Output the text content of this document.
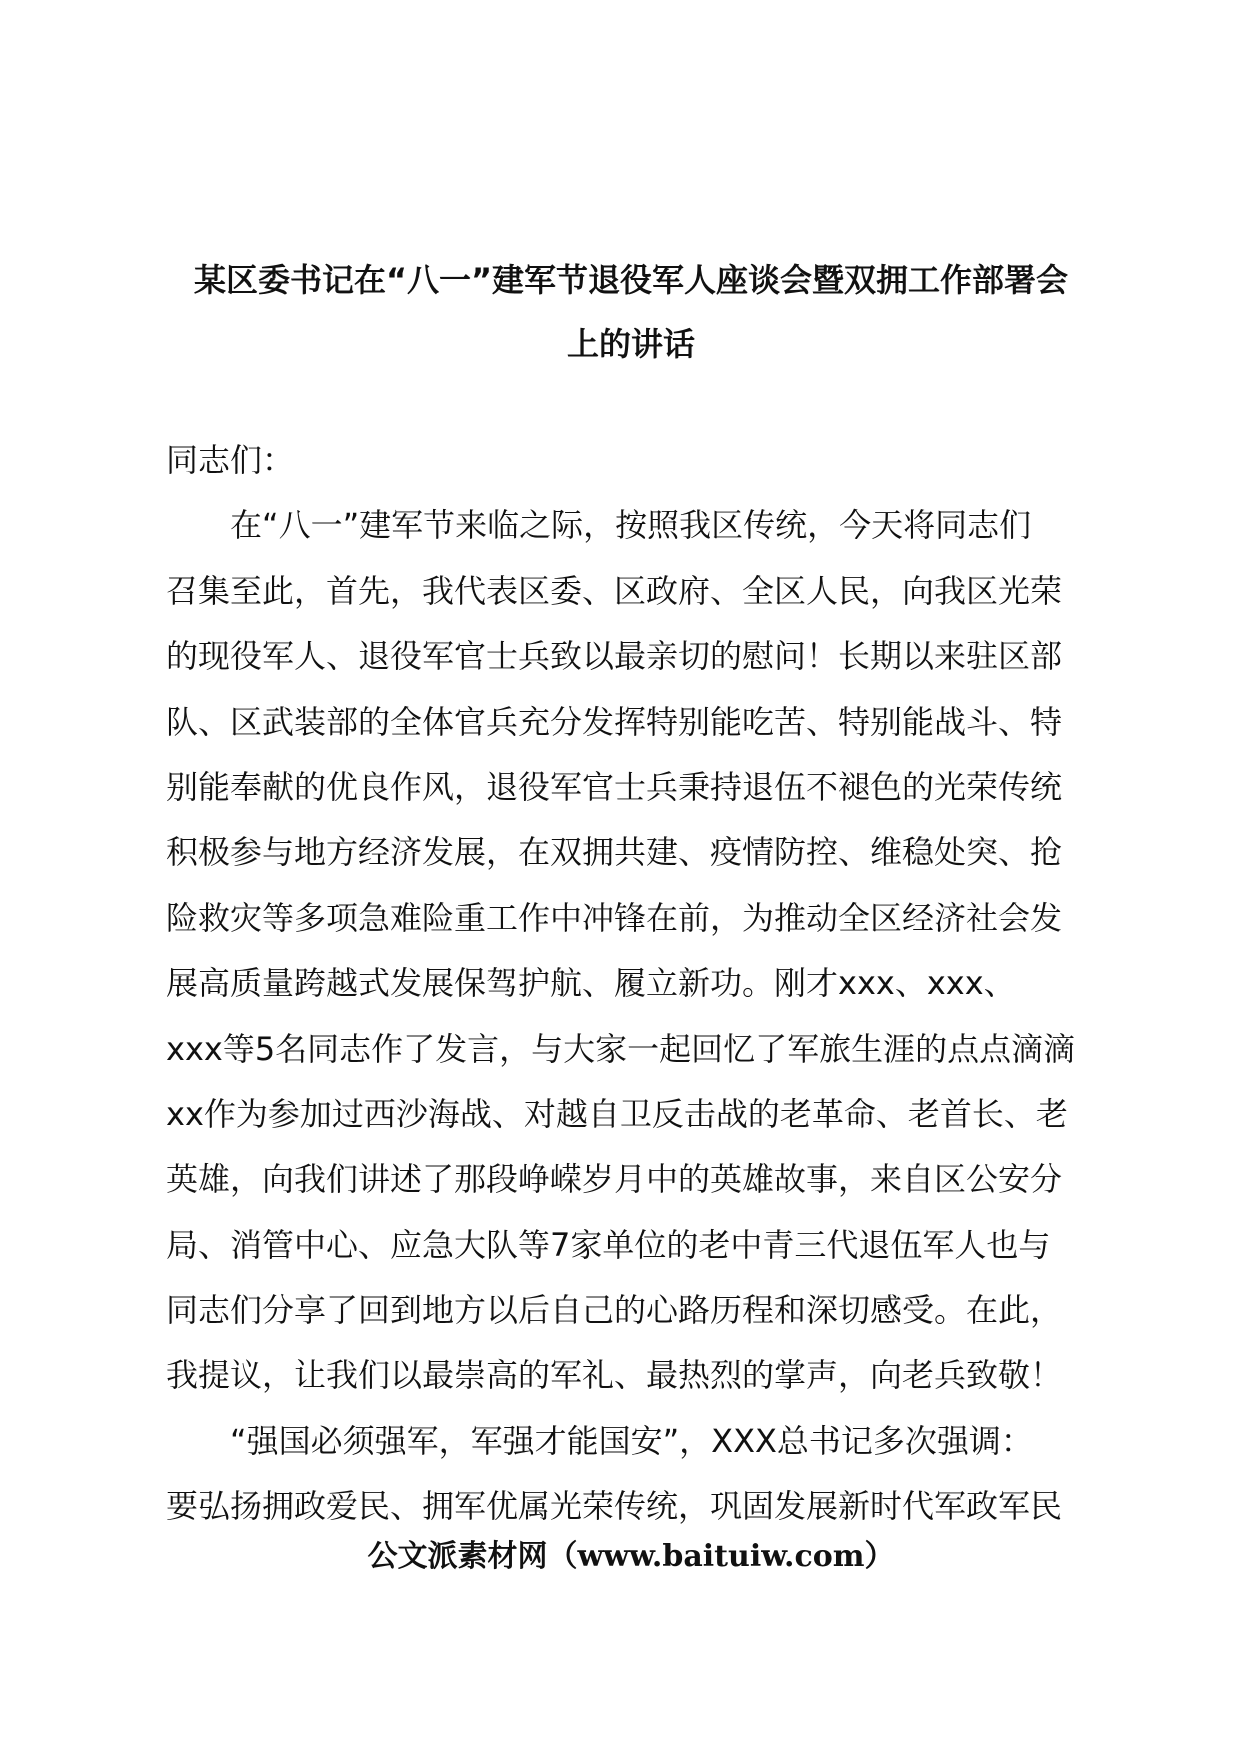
某区委书记在“八一”建军节退役军人座谈会暨双拥工作部署会
上的讲话
同志们：
在“八一”建军节来临之际，按照我区传统，今天将同志们
召集至此，首先，我代表区委、区政府、全区人民，向我区光荣
的现役军人、退役军官士兵致以最亲切的慰问！长期以来驻区部
队、区武装部的全体官兵充分发挥特别能吃苦、特别能战斗、特
别能奉献的优良作风，退役军官士兵秉持退伍不褪色的光荣传统
积极参与地方经济发展，在双拥共建、疫情防控、维稳处突、抢
险救灾等多项急难险重工作中冲锋在前，为推动全区经济社会发
展高质量跨越式发展保驾护航、履立新功。刚才xxx、xxx、
xxx等5名同志作了发言，与大家一起回忆了军旅生涯的点点滴滴
xx作为参加过西沙海战、对越自卫反击战的老革命、老首长、老
英雄，向我们讲述了那段峥嵘岁月中的英雄故事，来自区公安分
局、消管中心、应急大队等7家单位的老中青三代退伍军人也与
同志们分享了回到地方以后自己的心路历程和深切感受。在此，
我提议，让我们以最崇高的军礼、最热烈的掌声，向老兵致敬！
“强国必须强军，军强才能国安”，XXX总书记多次强调：
要弘扬拥政爱民、拥军优属光荣传统，巩固发展新时代军政军民
公文派素材网（www.baituiw.com）
